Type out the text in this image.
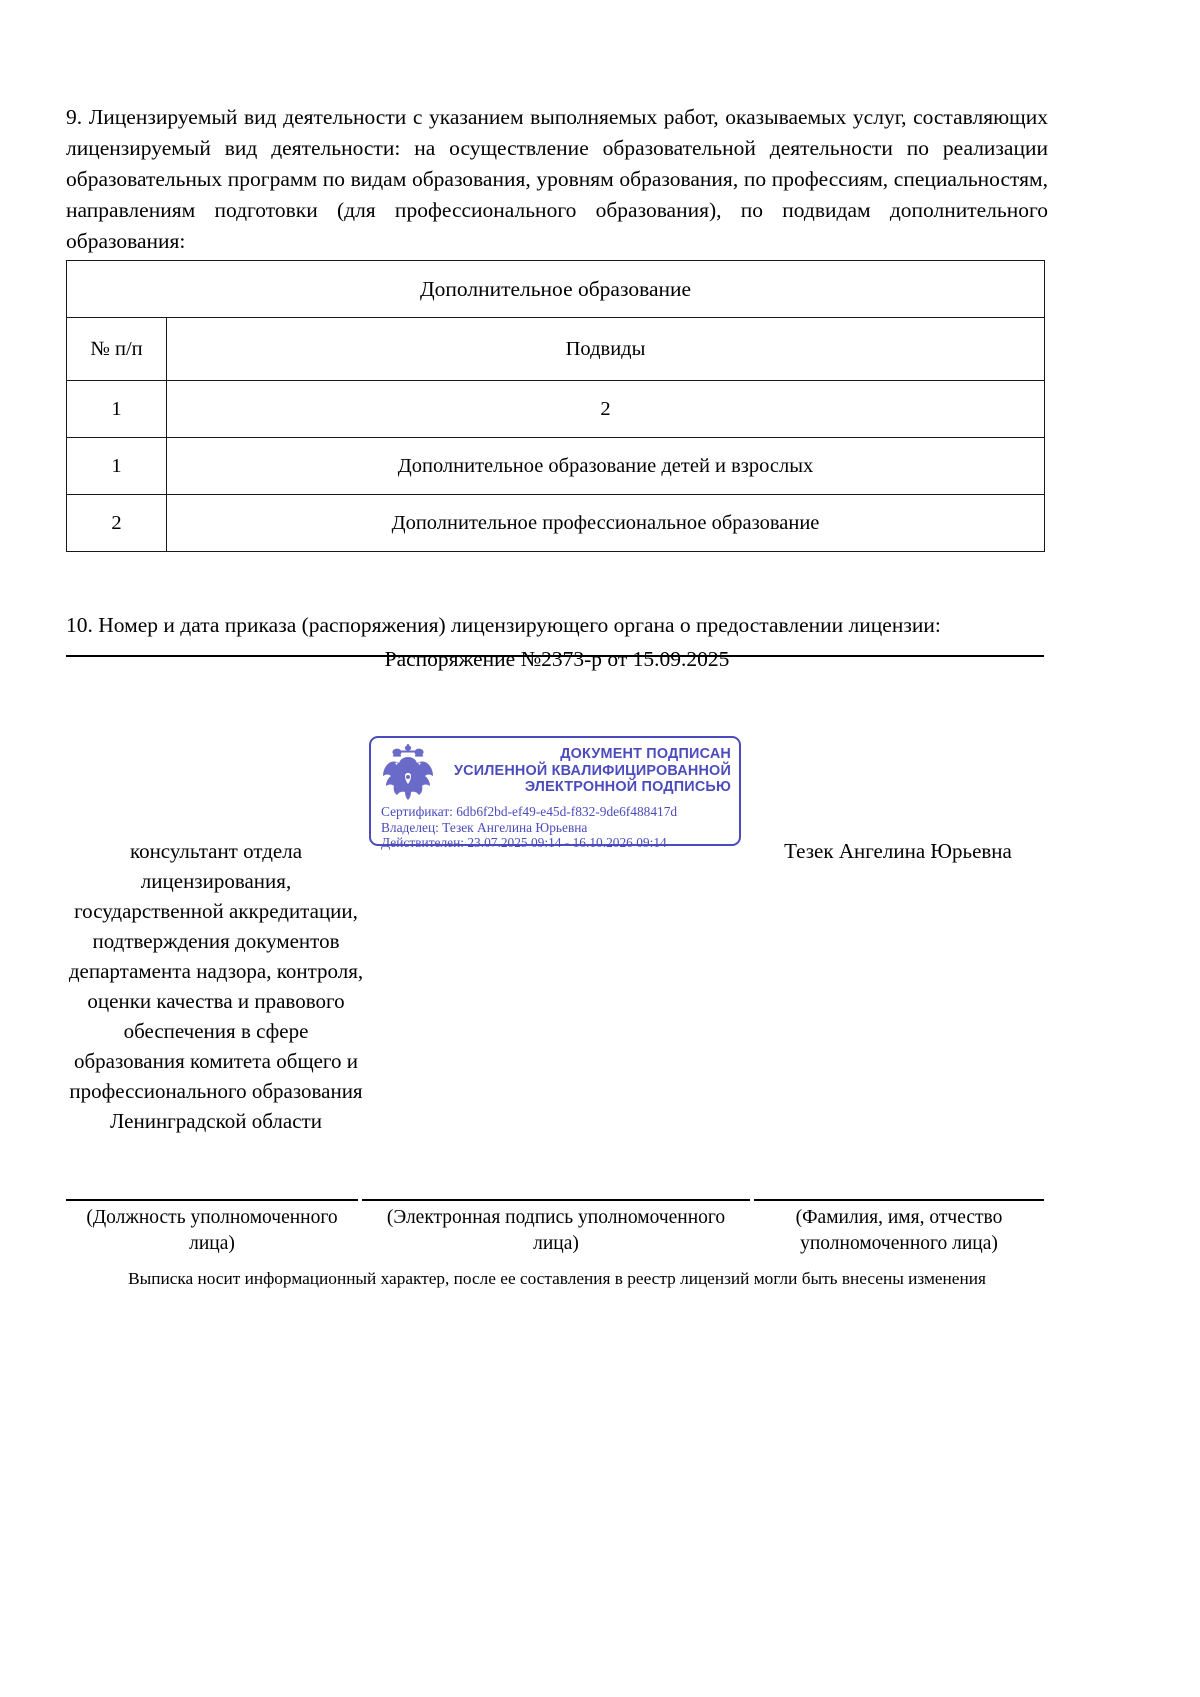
9. Лицензируемый вид деятельности с указанием выполняемых работ, оказываемых услуг, составляющих лицензируемый вид деятельности: на осуществление образовательной деятельности по реализации образовательных программ по видам образования, уровням образования, по профессиям, специальностям, направлениям подготовки (для профессионального образования), по подвидам дополнительного образования:

Дополнительное образование	
№ п/п	Подвиды
1	2
1	Дополнительное образование детей и взрослых
2	Дополнительное профессиональное образование

10. Номер и дата приказа (распоряжения) лицензирующего органа о предоставлении лицензии:

Распоряжение №2373-р от 15.09.2025

ДОКУМЕНТ ПОДПИСАН
УСИЛЕННОЙ КВАЛИФИЦИРОВАННОЙ
ЭЛЕКТРОННОЙ ПОДПИСЬЮ
Сертификат: 6db6f2bd-ef49-e45d-f832-9de6f488417d
Владелец: Тезек Ангелина Юрьевна
Действителен: 23.07.2025 09:14 - 16.10.2026 09:14
консультант отдела лицензирования, государственной аккредитации, подтверждения документов департамента надзора, контроля, оценки качества и правового обеспечения в сфере образования комитета общего и профессионального образования Ленинградской области
Тезек Ангелина Юрьевна
(Должность уполномоченного лица)
(Электронная подпись уполномоченного лица)
(Фамилия, имя, отчество уполномоченного лица)
Выписка носит информационный характер, после ее составления в реестр лицензий могли быть внесены изменения
